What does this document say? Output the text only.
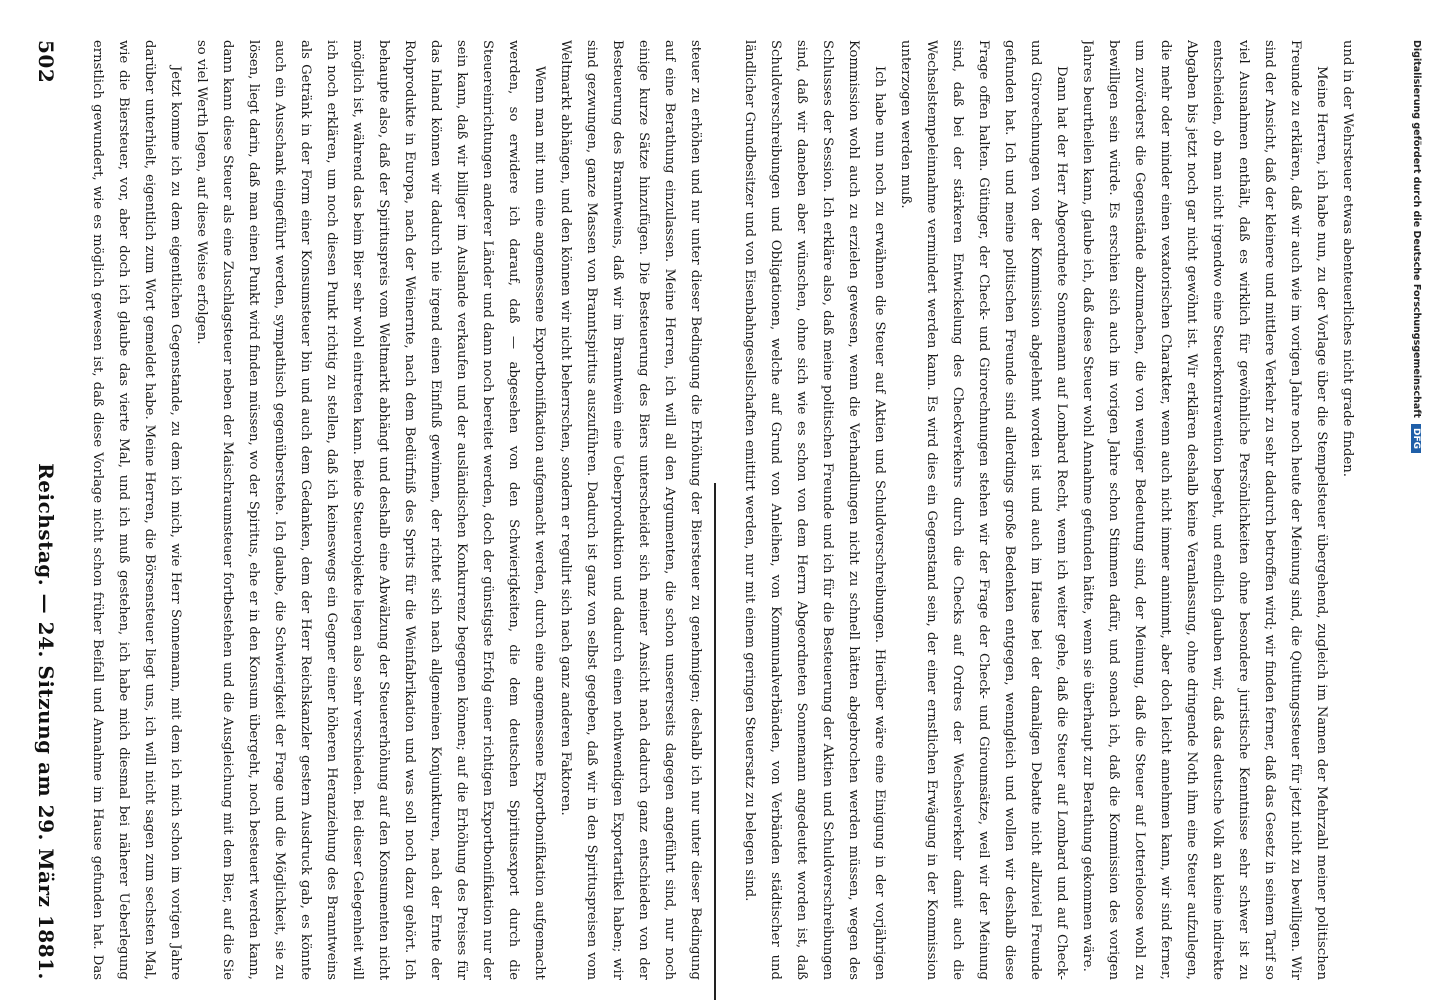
502
Reichstag. — 24. Sitzung am 29. März 1881.	steuer zu erhöhen und nur unter dieser Bedingung die Erhöhung der Biersteuer zu genehmigen; deshalb ich nur unter dieser Bedingung auf eine Berathung einzulassen. Meine Herren, ich will all den Argumenten, die schon unsererseits dagegen angeführt sind, nur noch einige kurze Sätze hinzufügen. Die Besteuerung des Biers unterscheidet sich meiner Ansicht nach dadurch ganz entschieden von der Besteuerung des Branntweins, daß wir im Branntwein eine Ueberproduktion und dadurch einen nothwendigen Exportartikel haben; wir sind gezwungen, ganze Massen von Branntspiritus auszuführen. Dadurch ist ganz von selbst gegeben, daß wir in den Spirituspreisen vom Weltmarkt abhängen, und den können wir nicht beherrschen, sondern er regulirt sich nach ganz anderen Faktoren.

Wenn man mit nun eine angemessene Exportbonifikation aufgemacht werden, durch eine angemessene Exportbonifikation aufgemacht werden, so erwidere ich darauf, daß — abgesehen von den Schwierigkeiten, die dem deutschen Spiritusexport durch die Steuereinrichtungen anderer Länder und dann noch bereitet werden, doch der günstigste Erfolg einer richtigen Exportbonifikation nur der sein kann, daß wir billiger im Auslande verkaufen und der ausländischen Konkurrenz begegnen können; auf die Erhöhung des Preises für das Inland können wir dadurch nie irgend einen Einfluß gewinnen, der richtet sich nach allgemeinen Konjunkturen, nach der Ernte der Rohprodukte in Europa, nach der Weinernte, nach dem Bedürfniß des Sprits für die Weinfabrikation und was soll noch dazu gehört. Ich behaupte also, daß der Spirituspreis vom Weltmarkt abhängt und deshalb eine Abwälzung der Steuererhöhung auf den Konsumenten nicht möglich ist, während das beim Bier sehr wohl eintreten kann. Beide Steuerobjekte liegen also sehr verschieden. Bei dieser Gelegenheit will ich noch erklären, um noch diesen Punkt richtig zu stellen, daß ich keineswegs ein Gegner einer höheren Heranziehung des Branntweins als Getränk in der Form einer Konsumsteuer bin und auch dem Gedanken, dem der Herr Reichskanzler gestern Ausdruck gab, es könnte auch ein Ausschank eingeführt werden, sympathisch gegenüberstehe. Ich glaube, die Schwierigkeit der Frage und die Möglichkeit, sie zu lösen, liegt darin, daß man einen Punkt wird finden müssen, wo der Spiritus, ehe er in den Konsum übergeht, noch besteuert werden kann, dann kann diese Steuer als eine Zuschlagsteuer neben der Maischraumsteuer fortbestehen und die Ausgleichung mit dem Bier, auf die Sie so viel Werth legen, auf diese Weise erfolgen.

Jetzt komme ich zu dem eigentlichen Gegenstande, zu dem ich mich, wie Herr Sonnemann, mit dem ich mich schon im vorigen Jahre darüber unterhielt, eigentlich zum Wort gemeldet habe. Meine Herren, die Börsensteuer liegt uns, ich will nicht sagen zum sechsten Mal, wie die Biersteuer, vor, aber doch ich glaube das vierte Mal, und ich muß gestehen, ich habe mich diesmal bei näherer Ueberlegung ernstlich gewundert, wie es möglich gewesen ist, daß diese Vorlage nicht schon früher Beifall und Annahme im Hause gefunden hat. Das

und in der Wehrsteuer etwas abenteuerliches nicht grade finden.

Meine Herren, ich habe nun, zu der Vorlage über die Stempelsteuer übergehend, zugleich im Namen der Mehrzahl meiner politischen Freunde zu erklären, daß wir auch wie im vorigen Jahre noch heute der Meinung sind, die Quittungssteuer für jetzt nicht zu bewilligen. Wir sind der Ansicht, daß der kleinere und mittlere Verkehr zu sehr dadurch betroffen wird; wir finden ferner, daß das Gesetz in seinem Tarif so viel Ausnahmen enthält, daß es wirklich für gewöhnliche Persönlichkeiten ohne besondere juristische Kenntnisse sehr schwer ist zu entscheiden, ob man nicht irgendwo eine Steuerkontravention begeht, und endlich glauben wir, daß das deutsche Volk an kleine indirekte Abgaben bis jetzt noch gar nicht gewöhnt ist. Wir erklären deshalb keine Veranlassung, ohne dringende Noth ihm eine Steuer aufzulegen, die mehr oder minder einen vexatorischen Charakter, wenn auch nicht immer annimmt, aber doch leicht annehmen kann, wir sind ferner, um zuvörderst die Gegenstände abzumachen, die von weniger Bedeutung sind, der Meinung, daß die Steuer auf Lotterieloose wohl zu bewilligen sein würde. Es erschien sich auch im vorigen Jahre schon Stimmen dafür, und sonach ich, daß die Kommission des vorigen Jahres beurtheilen kann, glaube ich, daß diese Steuer wohl Annahme gefunden hätte, wenn sie überhaupt zur Berathung gekommen wäre.

Dann hat der Herr Abgeordnete Sonnemann auf Lombard Recht, wenn ich weiter gehe, daß die Steuer auf Lombard und auf Check- und Girorechnungen von der Kommission abgelehnt worden ist und auch im Hause bei der damaligen Debatte nicht allzuviel Freunde gefunden hat. Ich und meine politischen Freunde sind allerdings große Bedenken entgegen, wenngleich und wollen wir deshalb diese Frage offen halten. Gütinger, der Check- und Girorechnungen stehen wir der Frage der Check- und Giroumsätze, weil wir der Meinung sind, daß bei der stärkeren Entwickelung des Checkverkehrs durch die Checks auf Ordres der Wechselverkehr damit auch die Wechselstempeleinnahme vermindert werden kann. Es wird dies ein Gegenstand sein, der einer ernstlichen Erwägung in der Kommission unterzogen werden muß.

Ich habe nun noch zu erwähnen die Steuer auf Aktien und Schuldverschreibungen. Hierüber wäre eine Einigung in der vorjährigen Kommission wohl auch zu erzielen gewesen, wenn die Verhandlungen nicht zu schnell hätten abgebrochen werden müssen, wegen des Schlusses der Session. Ich erkläre also, daß meine politischen Freunde und ich für die Besteuerung der Aktien und Schuldverschreibungen sind, daß wir daneben aber wünschen, ohne sich wie es schon von dem Herrn Abgeordneten Sonnemann angedeutet worden ist, daß Schuldverschreibungen und Obligationen, welche auf Grund von Anleihen, von Kommunalverbänden, von Verbänden städtischer und ländlicher Grundbesitzer und von Eisenbahngesellschaften emittirt werden, nur mit einem geringen Steuersatz zu belegen sind.	Digitalisierung gefördert durch die Deutsche ForschungsgemeinschaftDFG
